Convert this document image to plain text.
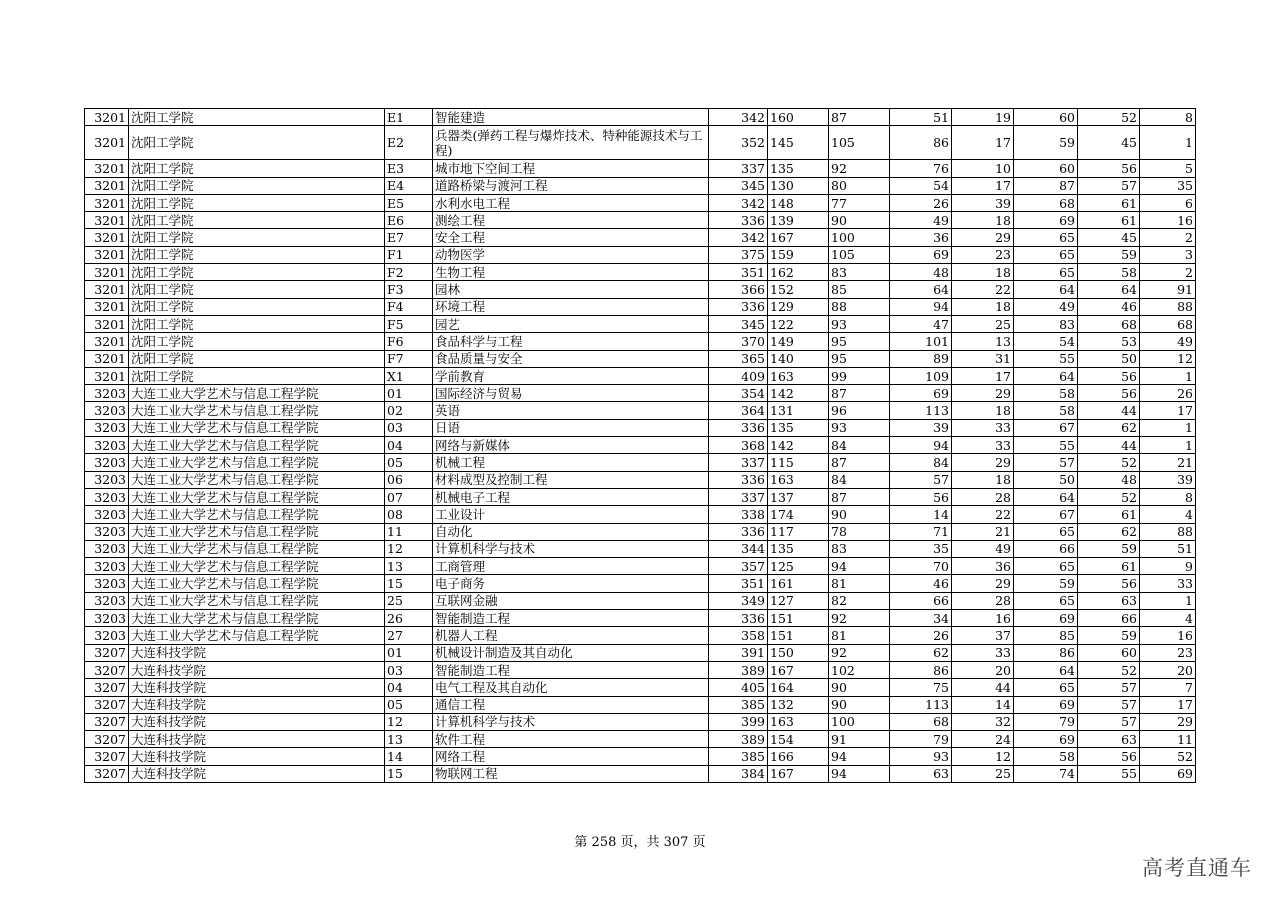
3201	沈阳工学院	E1	智能建造	342	160	87	51	19	60	52	8
3201	沈阳工学院	E2	兵器类(弹药工程与爆炸技术、特种能源技术与工程)	352	145	105	86	17	59	45	1
3201	沈阳工学院	E3	城市地下空间工程	337	135	92	76	10	60	56	5
3201	沈阳工学院	E4	道路桥梁与渡河工程	345	130	80	54	17	87	57	35
3201	沈阳工学院	E5	水利水电工程	342	148	77	26	39	68	61	6
3201	沈阳工学院	E6	测绘工程	336	139	90	49	18	69	61	16
3201	沈阳工学院	E7	安全工程	342	167	100	36	29	65	45	2
3201	沈阳工学院	F1	动物医学	375	159	105	69	23	65	59	3
3201	沈阳工学院	F2	生物工程	351	162	83	48	18	65	58	2
3201	沈阳工学院	F3	园林	366	152	85	64	22	64	64	91
3201	沈阳工学院	F4	环境工程	336	129	88	94	18	49	46	88
3201	沈阳工学院	F5	园艺	345	122	93	47	25	83	68	68
3201	沈阳工学院	F6	食品科学与工程	370	149	95	101	13	54	53	49
3201	沈阳工学院	F7	食品质量与安全	365	140	95	89	31	55	50	12
3201	沈阳工学院	X1	学前教育	409	163	99	109	17	64	56	1
3203	大连工业大学艺术与信息工程学院	01	国际经济与贸易	354	142	87	69	29	58	56	26
3203	大连工业大学艺术与信息工程学院	02	英语	364	131	96	113	18	58	44	17
3203	大连工业大学艺术与信息工程学院	03	日语	336	135	93	39	33	67	62	1
3203	大连工业大学艺术与信息工程学院	04	网络与新媒体	368	142	84	94	33	55	44	1
3203	大连工业大学艺术与信息工程学院	05	机械工程	337	115	87	84	29	57	52	21
3203	大连工业大学艺术与信息工程学院	06	材料成型及控制工程	336	163	84	57	18	50	48	39
3203	大连工业大学艺术与信息工程学院	07	机械电子工程	337	137	87	56	28	64	52	8
3203	大连工业大学艺术与信息工程学院	08	工业设计	338	174	90	14	22	67	61	4
3203	大连工业大学艺术与信息工程学院	11	自动化	336	117	78	71	21	65	62	88
3203	大连工业大学艺术与信息工程学院	12	计算机科学与技术	344	135	83	35	49	66	59	51
3203	大连工业大学艺术与信息工程学院	13	工商管理	357	125	94	70	36	65	61	9
3203	大连工业大学艺术与信息工程学院	15	电子商务	351	161	81	46	29	59	56	33
3203	大连工业大学艺术与信息工程学院	25	互联网金融	349	127	82	66	28	65	63	1
3203	大连工业大学艺术与信息工程学院	26	智能制造工程	336	151	92	34	16	69	66	4
3203	大连工业大学艺术与信息工程学院	27	机器人工程	358	151	81	26	37	85	59	16
3207	大连科技学院	01	机械设计制造及其自动化	391	150	92	62	33	86	60	23
3207	大连科技学院	03	智能制造工程	389	167	102	86	20	64	52	20
3207	大连科技学院	04	电气工程及其自动化	405	164	90	75	44	65	57	7
3207	大连科技学院	05	通信工程	385	132	90	113	14	69	57	17
3207	大连科技学院	12	计算机科学与技术	399	163	100	68	32	79	57	29
3207	大连科技学院	13	软件工程	389	154	91	79	24	69	63	11
3207	大连科技学院	14	网络工程	385	166	94	93	12	58	56	52
3207	大连科技学院	15	物联网工程	384	167	94	63	25	74	55	69
第 258 页，共 307 页
高考直通车
